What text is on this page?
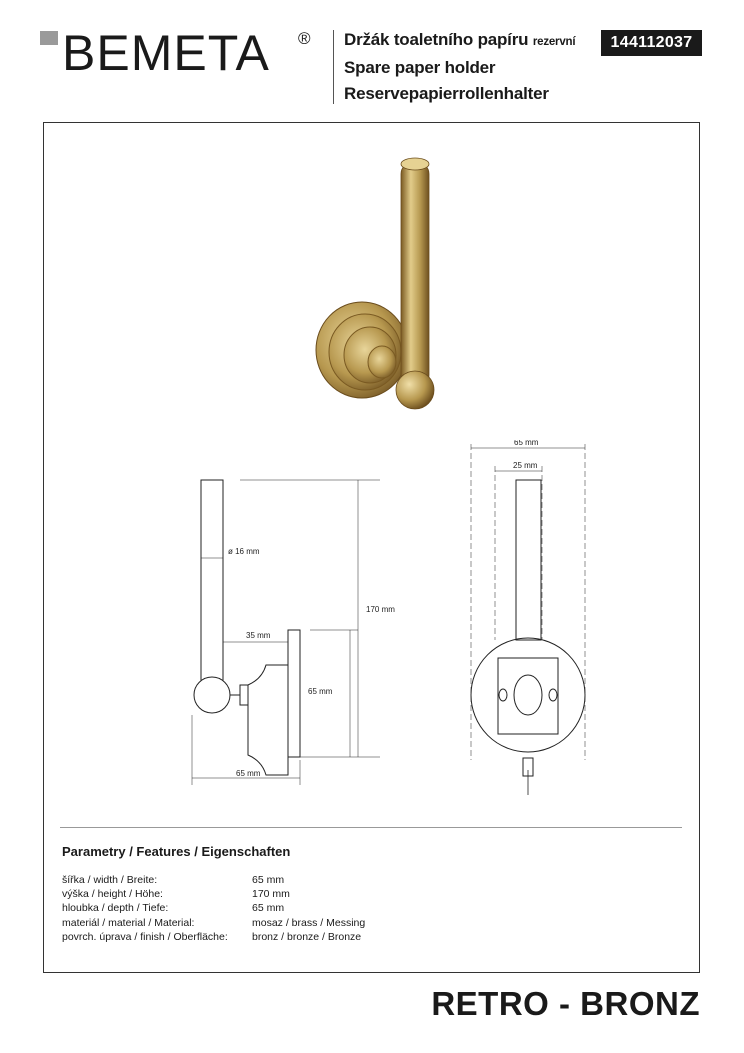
BEMETA ® Držák toaletního papíru rezervní
Spare paper holder
Reservepapierrollenhalter
144112037
ø 16 mm
170 mm
35 mm
65 mm
65 mm
65 mm
25 mm
Parametry / Features / Eigenschaften
šířka / width / Breite:	65 mm
výška / height / Höhe:	170 mm
hloubka / depth / Tiefe:	65 mm
materiál / material / Material:	mosaz / brass / Messing
povrch. úprava / finish / Oberfläche:	bronz / bronze / Bronze
RETRO - BRONZ
